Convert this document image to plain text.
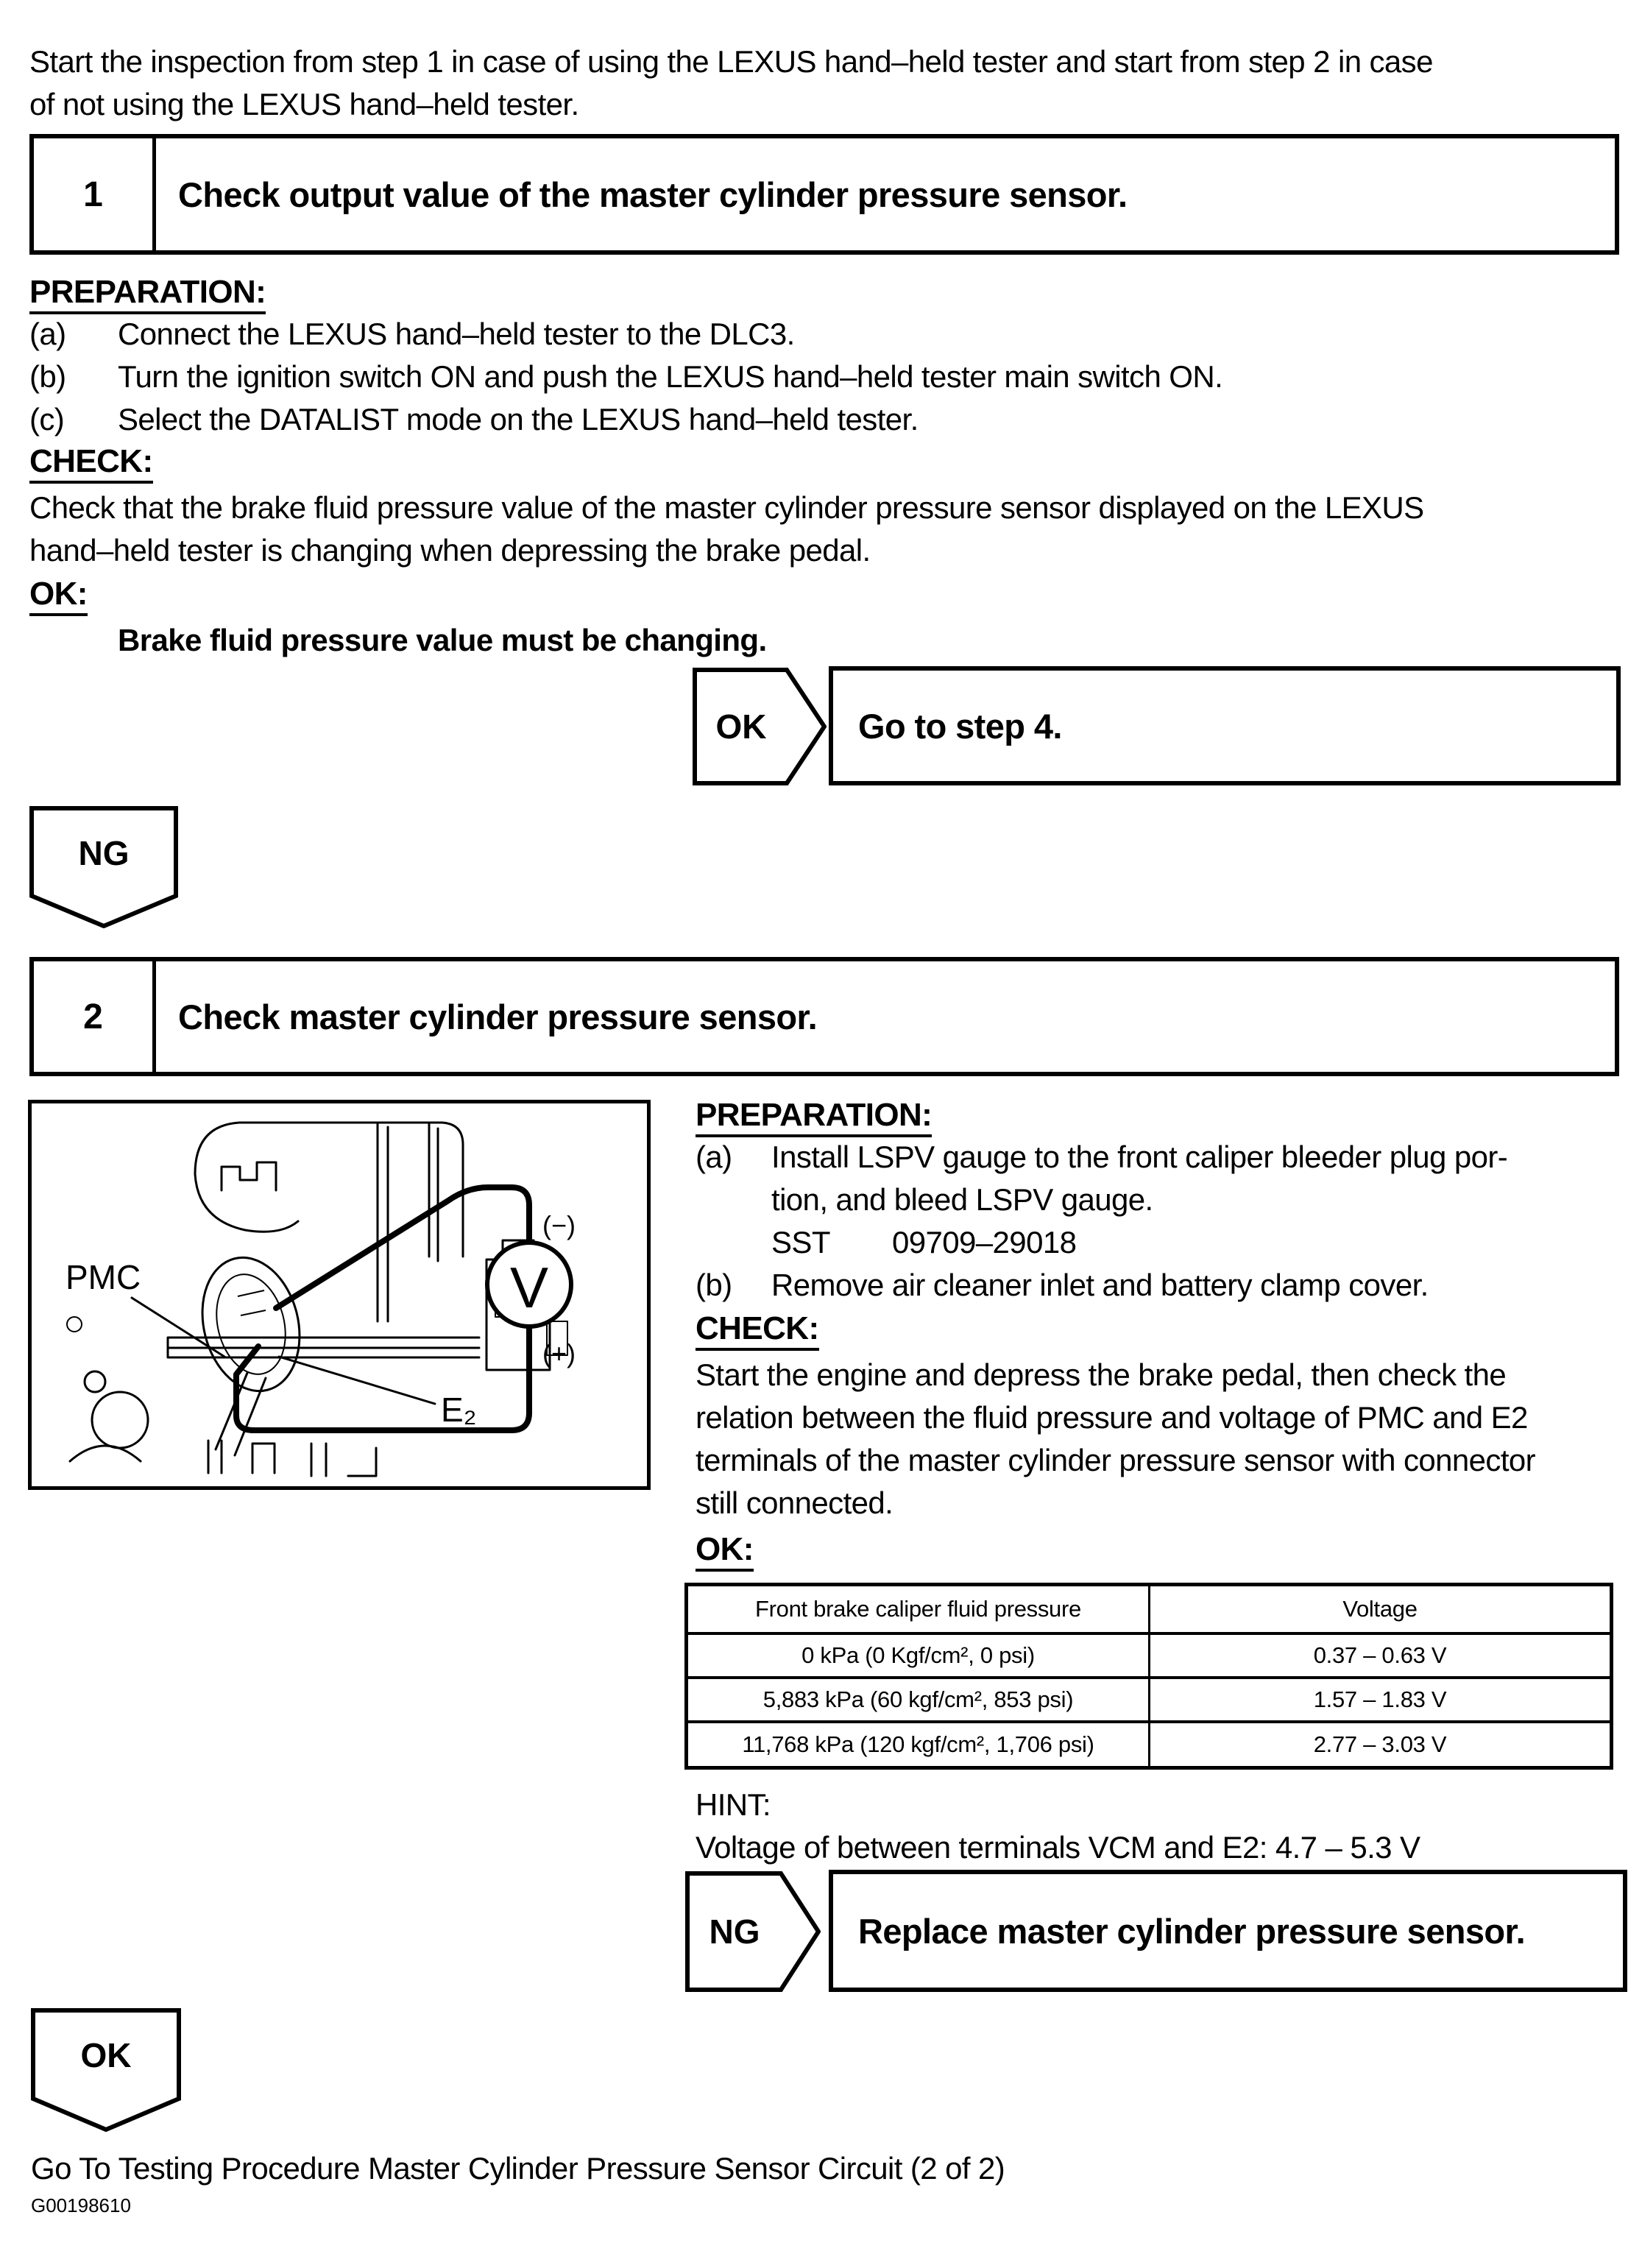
Start the inspection from step 1 in case of using the LEXUS hand–held tester and start from step 2 in case
of not using the LEXUS hand–held tester.
1	Check output value of the master cylinder pressure sensor.
PREPARATION:
(a) Connect the LEXUS hand–held tester to the DLC3.
(b) Turn the ignition switch ON and push the LEXUS hand–held tester main switch ON.
(c) Select the DATALIST mode on the LEXUS hand–held tester.
CHECK:
Check that the brake fluid pressure value of the master cylinder pressure sensor displayed on the LEXUS
hand–held tester is changing when depressing the brake pedal.
OK:
Brake fluid pressure value must be changing.
OK	Go to step 4.
NG
2	Check master cylinder pressure sensor.
V
(−)
(+)
PMC
E₂
PREPARATION:
(a) Install LSPV gauge to the front caliper bleeder plug por-
tion, and bleed LSPV gauge.
SST 09709–29018
(b) Remove air cleaner inlet and battery clamp cover.
CHECK:
Start the engine and depress the brake pedal, then check the
relation between the fluid pressure and voltage of PMC and E2
terminals of the master cylinder pressure sensor with connector
still connected.
OK:
Front brake caliper fluid pressure	Voltage
0 kPa (0 Kgf/cm², 0 psi)	0.37 – 0.63 V
5,883 kPa (60 kgf/cm², 853 psi)	1.57 – 1.83 V
11,768 kPa (120 kgf/cm², 1,706 psi)	2.77 – 3.03 V
HINT:
Voltage of between terminals VCM and E2: 4.7 – 5.3 V
NG	Replace master cylinder pressure sensor.
OK
Go To Testing Procedure Master Cylinder Pressure Sensor Circuit (2 of 2)
G00198610
